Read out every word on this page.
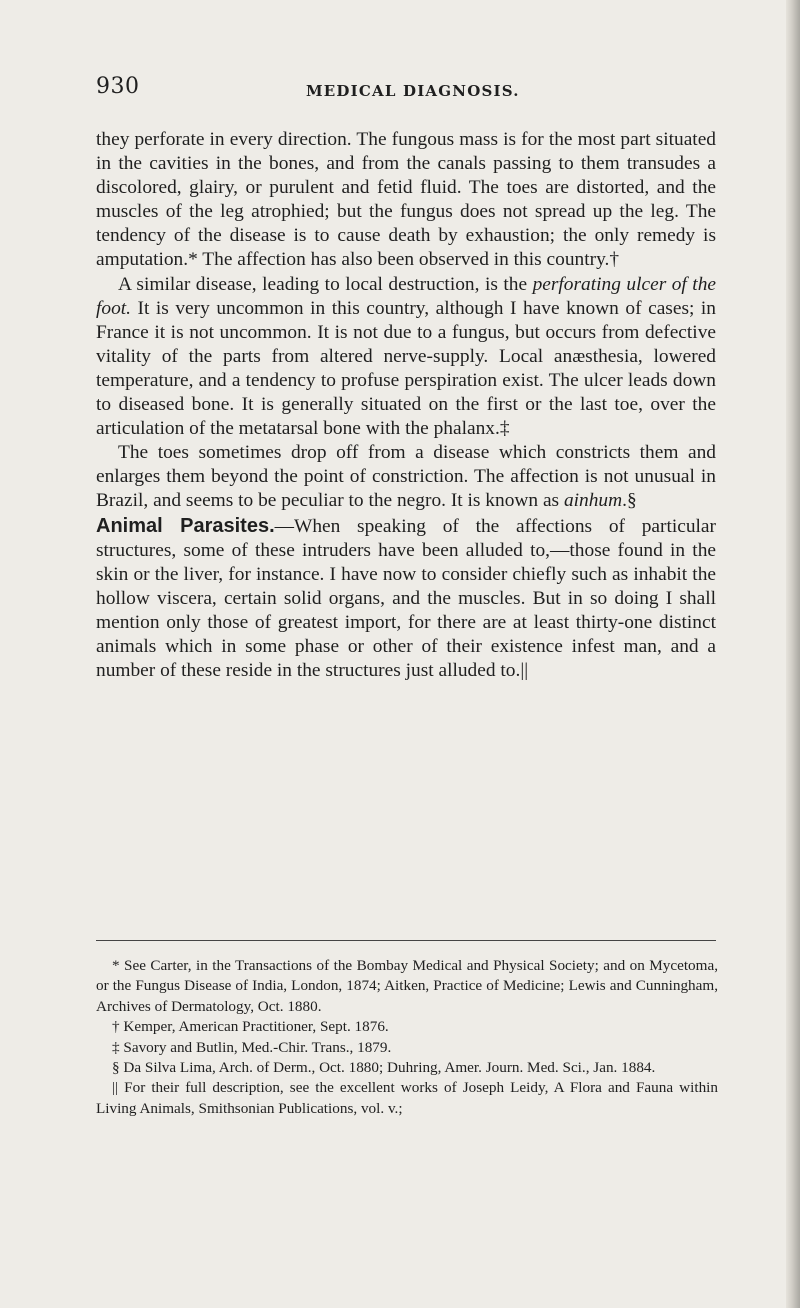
930	MEDICAL DIAGNOSIS.

they perforate in every direction. The fungous mass is for the most part situated in the cavities in the bones, and from the canals passing to them transudes a discolored, glairy, or purulent and fetid fluid. The toes are distorted, and the muscles of the leg atrophied; but the fungus does not spread up the leg. The tendency of the disease is to cause death by exhaustion; the only remedy is amputation.* The affection has also been observed in this country.†

A similar disease, leading to local destruction, is the perforating ulcer of the foot. It is very uncommon in this country, although I have known of cases; in France it is not uncommon. It is not due to a fungus, but occurs from defective vitality of the parts from altered nerve-supply. Local anæsthesia, lowered temperature, and a tendency to profuse perspiration exist. The ulcer leads down to diseased bone. It is generally situated on the first or the last toe, over the articulation of the metatarsal bone with the phalanx.‡

The toes sometimes drop off from a disease which constricts them and enlarges them beyond the point of constriction. The affection is not unusual in Brazil, and seems to be peculiar to the negro. It is known as ainhum.§

Animal Parasites.—When speaking of the affections of particular structures, some of these intruders have been alluded to,—those found in the skin or the liver, for instance. I have now to consider chiefly such as inhabit the hollow viscera, certain solid organs, and the muscles. But in so doing I shall mention only those of greatest import, for there are at least thirty-one distinct animals which in some phase or other of their existence infest man, and a number of these reside in the structures just alluded to.||

* See Carter, in the Transactions of the Bombay Medical and Physical Society; and on Mycetoma, or the Fungus Disease of India, London, 1874; Aitken, Practice of Medicine; Lewis and Cunningham, Archives of Dermatology, Oct. 1880.

† Kemper, American Practitioner, Sept. 1876.

‡ Savory and Butlin, Med.-Chir. Trans., 1879.

§ Da Silva Lima, Arch. of Derm., Oct. 1880; Duhring, Amer. Journ. Med. Sci., Jan. 1884.

|| For their full description, see the excellent works of Joseph Leidy, A Flora and Fauna within Living Animals, Smithsonian Publications, vol. v.;
